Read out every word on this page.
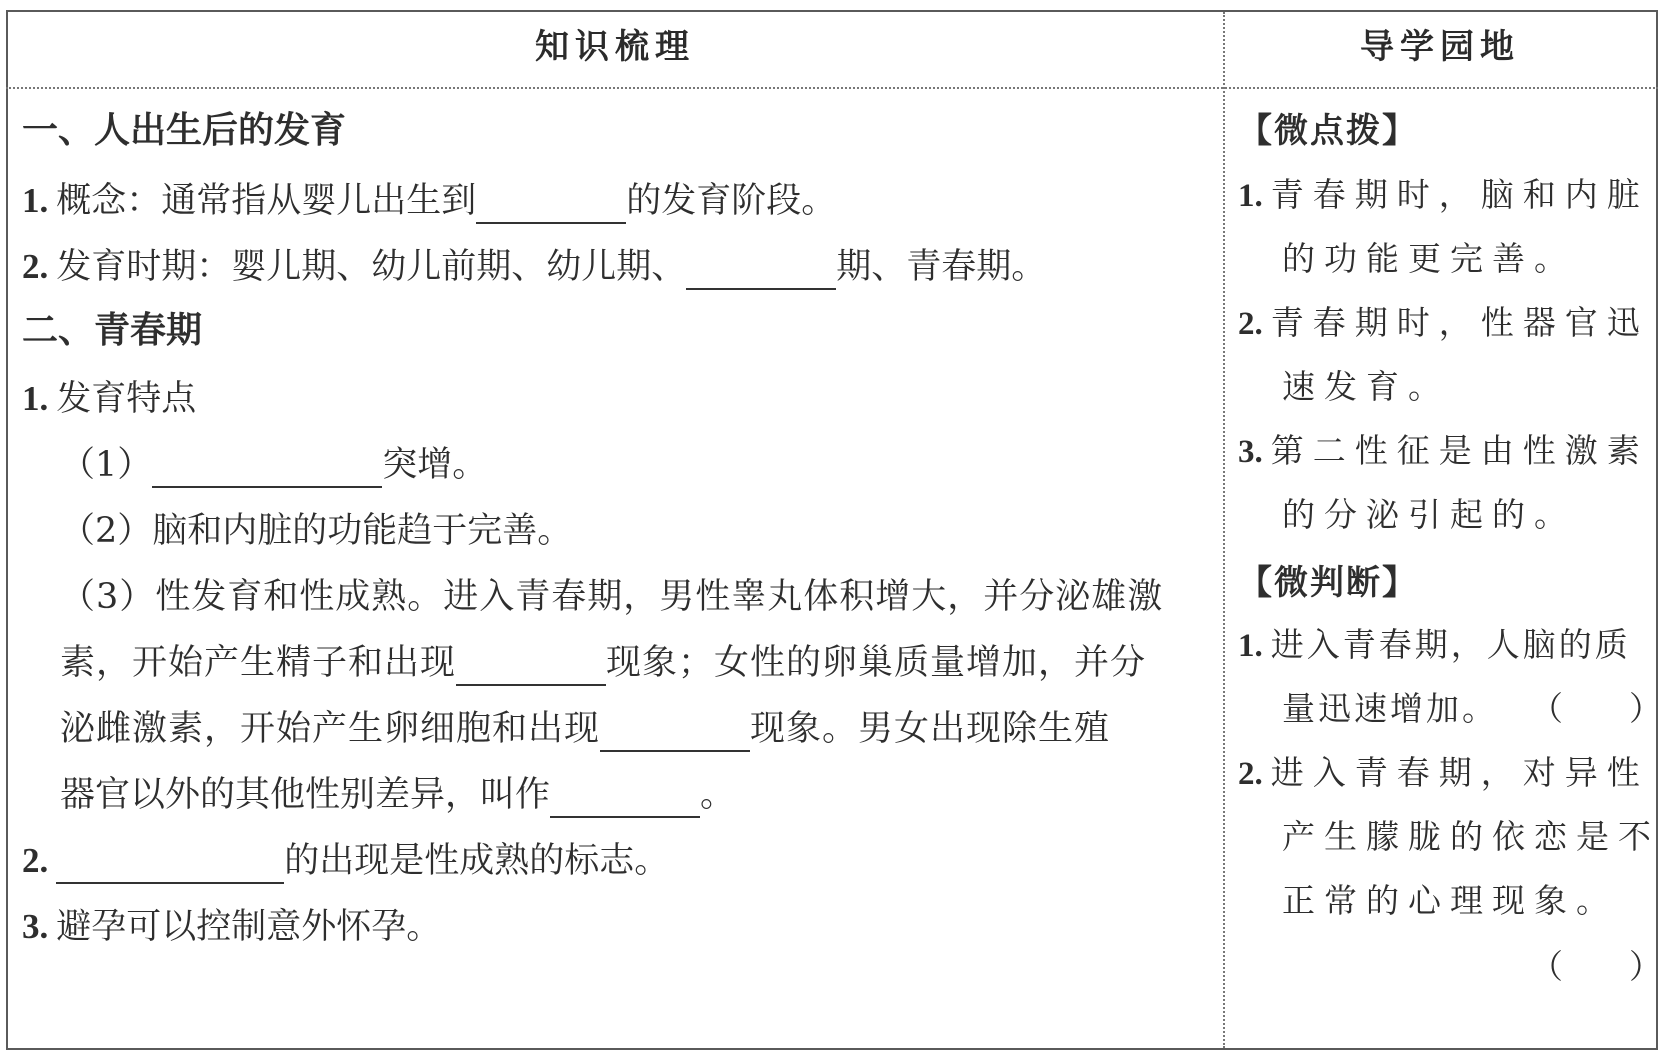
知识梳理	导学园地
一、人出生后的发育
1. 概念：通常指从婴儿出生到	的发育阶段。
2. 发育时期：婴儿期、幼儿前期、幼儿期、	期、青春期。
二、青春期
1. 发育特点
（1）	突增。
（2）脑和内脏的功能趋于完善。
（3）性发育和性成熟。进入青春期，男性睾丸体积增大，并分泌雄激
素，开始产生精子和出现	现象；女性的卵巢质量增加，并分
泌雌激素，开始产生卵细胞和出现	现象。男女出现除生殖
器官以外的其他性别差异，叫作	。
2.	的出现是性成熟的标志。
3. 避孕可以控制意外怀孕。
【微点拨】
1. 青春期时，脑和内脏
的功能更完善。
2. 青春期时，性器官迅
速发育。
3. 第二性征是由性激素
的分泌引起的。
【微判断】
1. 进入青春期，人脑的质
量迅速增加。 （　　）
2. 进入青春期，对异性
产生朦胧的依恋是不
正常的心理现象。
（　　）
